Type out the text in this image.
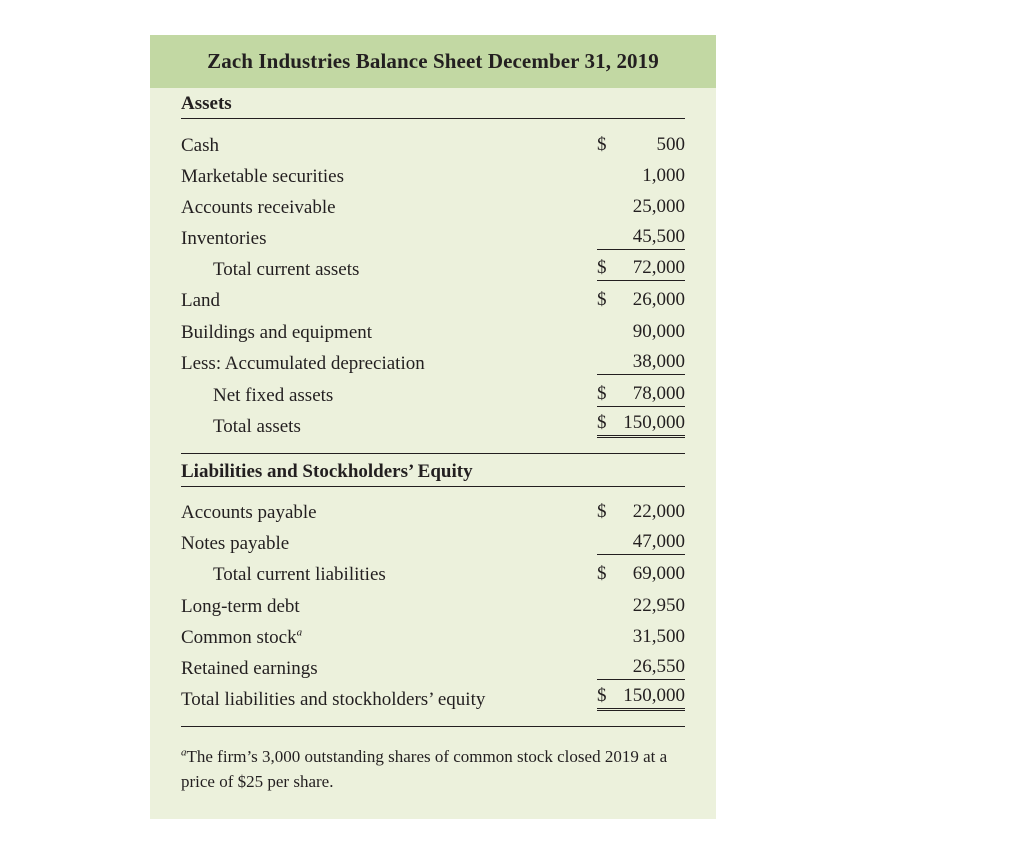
Zach Industries Balance Sheet December 31, 2019
Assets
Cash	$	500
Marketable securities	1,000
Accounts receivable	25,000
Inventories	45,500
Total current assets	$ 72,000
Land	$ 26,000
Buildings and equipment	90,000
Less: Accumulated depreciation	38,000
Net fixed assets	$ 78,000
Total assets	$ 150,000
Liabilities and Stockholders’ Equity
Accounts payable	$ 22,000
Notes payable	47,000
Total current liabilities	$ 69,000
Long-term debt	22,950
Common stock$^a$	31,500
Retained earnings	26,550
Total liabilities and stockholders’ equity	$ 150,000
$^a$The firm’s 3,000 outstanding shares of common stock closed 2019 at a price of $25 per share.
